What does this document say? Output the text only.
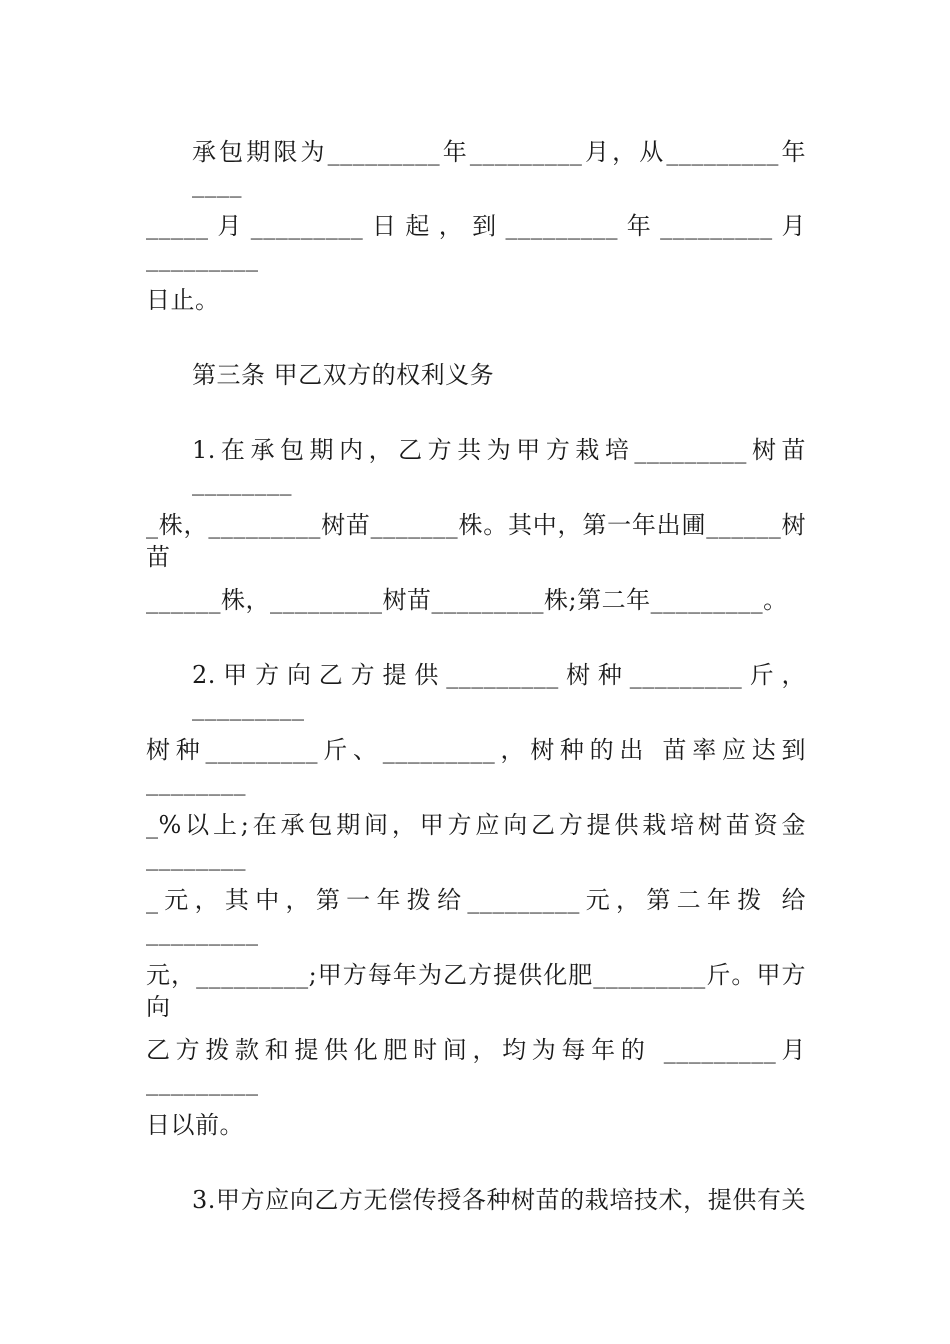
承包期限为_________年_________月，从_________年____
_____月_________日起，到_________年_________月_________
日止。
第三条 甲乙双方的权利义务
1.在承包期内，乙方共为甲方栽培_________树苗________
_株，_________树苗_______株。其中，第一年出圃______树苗
______株，_________树苗_________株;第二年_________。
2.甲方向乙方提供_________树种_________斤，_________
树种_________斤、_________，树种的出 苗率应达到________
_%以上;在承包期间，甲方应向乙方提供栽培树苗资金________
_元，其中，第一年拨给_________元，第二年拨 给_________
元，_________;甲方每年为乙方提供化肥_________斤。甲方向
乙方拨款和提供化肥时间，均为每年的 _________月_________
日以前。
3.甲方应向乙方无偿传授各种树苗的栽培技术，提供有关
